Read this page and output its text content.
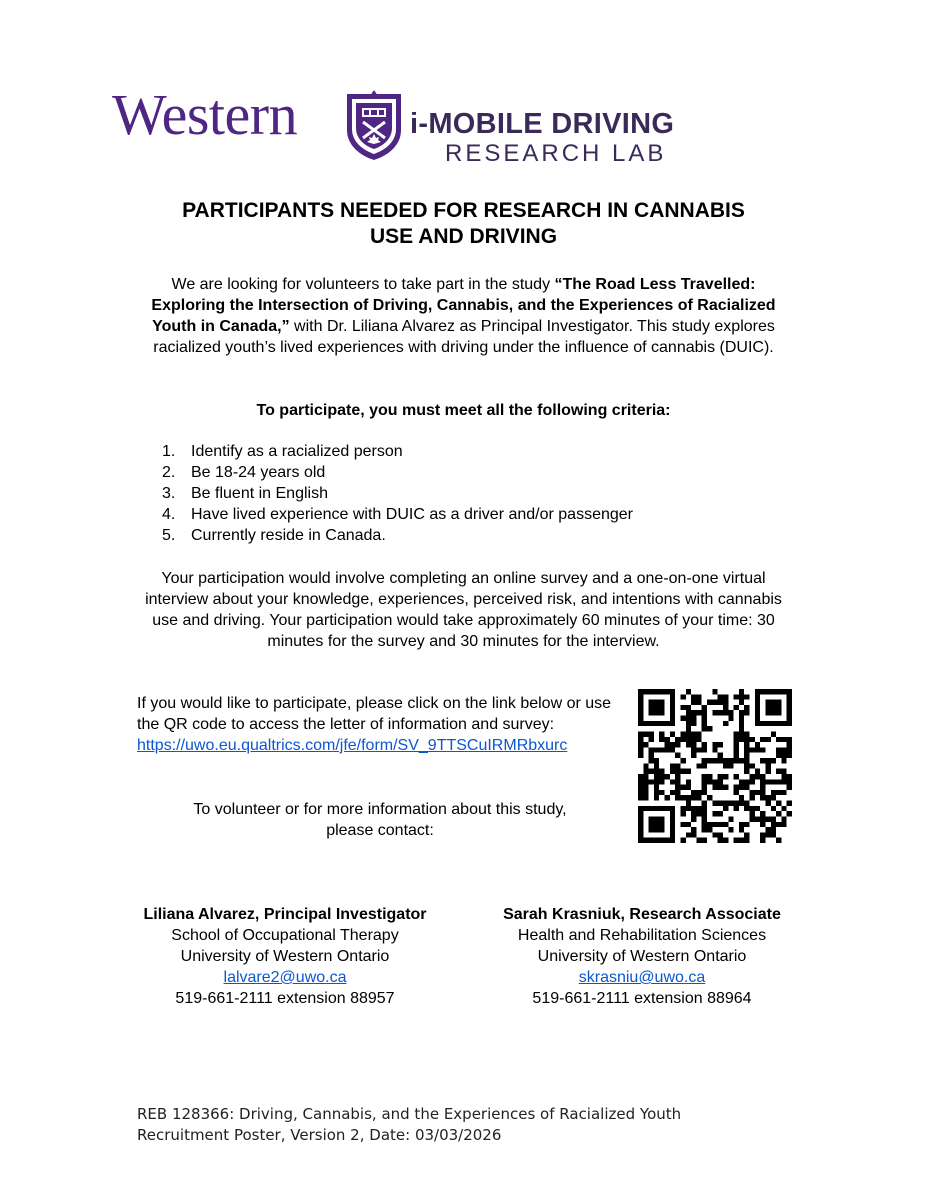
Western	i-MOBILE DRIVING
RESEARCH LAB
PARTICIPANTS NEEDED FOR RESEARCH IN CANNABIS
USE AND DRIVING
We are looking for volunteers to take part in the study “The Road Less Travelled: Exploring the Intersection of Driving, Cannabis, and the Experiences of Racialized Youth in Canada,” with Dr. Liliana Alvarez as Principal Investigator. This study explores racialized youth’s lived experiences with driving under the influence of cannabis (DUIC).
To participate, you must meet all the following criteria:
1. Identify as a racialized person
2. Be 18-24 years old
3. Be fluent in English
4. Have lived experience with DUIC as a driver and/or passenger
5. Currently reside in Canada.
Your participation would involve completing an online survey and a one-on-one virtual interview about your knowledge, experiences, perceived risk, and intentions with cannabis use and driving. Your participation would take approximately 60 minutes of your time: 30 minutes for the survey and 30 minutes for the interview.
If you would like to participate, please click on the link below or use the QR code to access the letter of information and survey:
https://uwo.eu.qualtrics.com/jfe/form/SV_9TTSCuIRMRbxurc
To volunteer or for more information about this study, please contact:
Liliana Alvarez, Principal Investigator
School of Occupational Therapy
University of Western Ontario
lalvare2@uwo.ca
519-661-2111 extension 88957
Sarah Krasniuk, Research Associate
Health and Rehabilitation Sciences
University of Western Ontario
skrasniu@uwo.ca
519-661-2111 extension 88964
REB 128366: Driving, Cannabis, and the Experiences of Racialized Youth
Recruitment Poster, Version 2, Date: 03/03/2026
